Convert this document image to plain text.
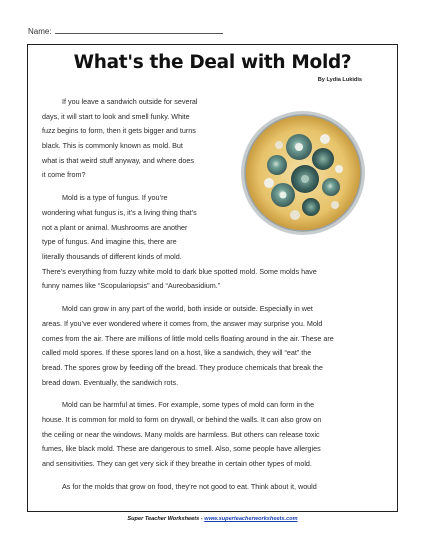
Name:
What's the Deal with Mold?
By Lydia Lukidis
If you leave a sandwich outside for several
days, it will start to look and smell funky. White
fuzz begins to form, then it gets bigger and turns
black. This is commonly known as mold. But
what is that weird stuff anyway, and where does
it come from?
Mold is a type of fungus. If you’re
wondering what fungus is, it’s a living thing that’s
not a plant or animal. Mushrooms are another
type of fungus. And imagine this, there are
literally thousands of different kinds of mold.
There’s everything from fuzzy white mold to dark blue spotted mold. Some molds have
funny names like “Scopulariopsis” and “Aureobasidium.”
Mold can grow in any part of the world, both inside or outside. Especially in wet
areas. If you’ve ever wondered where it comes from, the answer may surprise you. Mold
comes from the air. There are millions of little mold cells floating around in the air. These are
called mold spores. If these spores land on a host, like a sandwich, they will “eat” the
bread. The spores grow by feeding off the bread. They produce chemicals that break the
bread down. Eventually, the sandwich rots.
Mold can be harmful at times. For example, some types of mold can form in the
house. It is common for mold to form on drywall, or behind the walls. It can also grow on
the ceiling or near the windows. Many molds are harmless. But others can release toxic
fumes, like black mold. These are dangerous to smell. Also, some people have allergies
and sensitivities. They can get very sick if they breathe in certain other types of mold.
As for the molds that grow on food, they’re not good to eat. Think about it, would
Super Teacher Worksheets - www.superteacherworksheets.com
